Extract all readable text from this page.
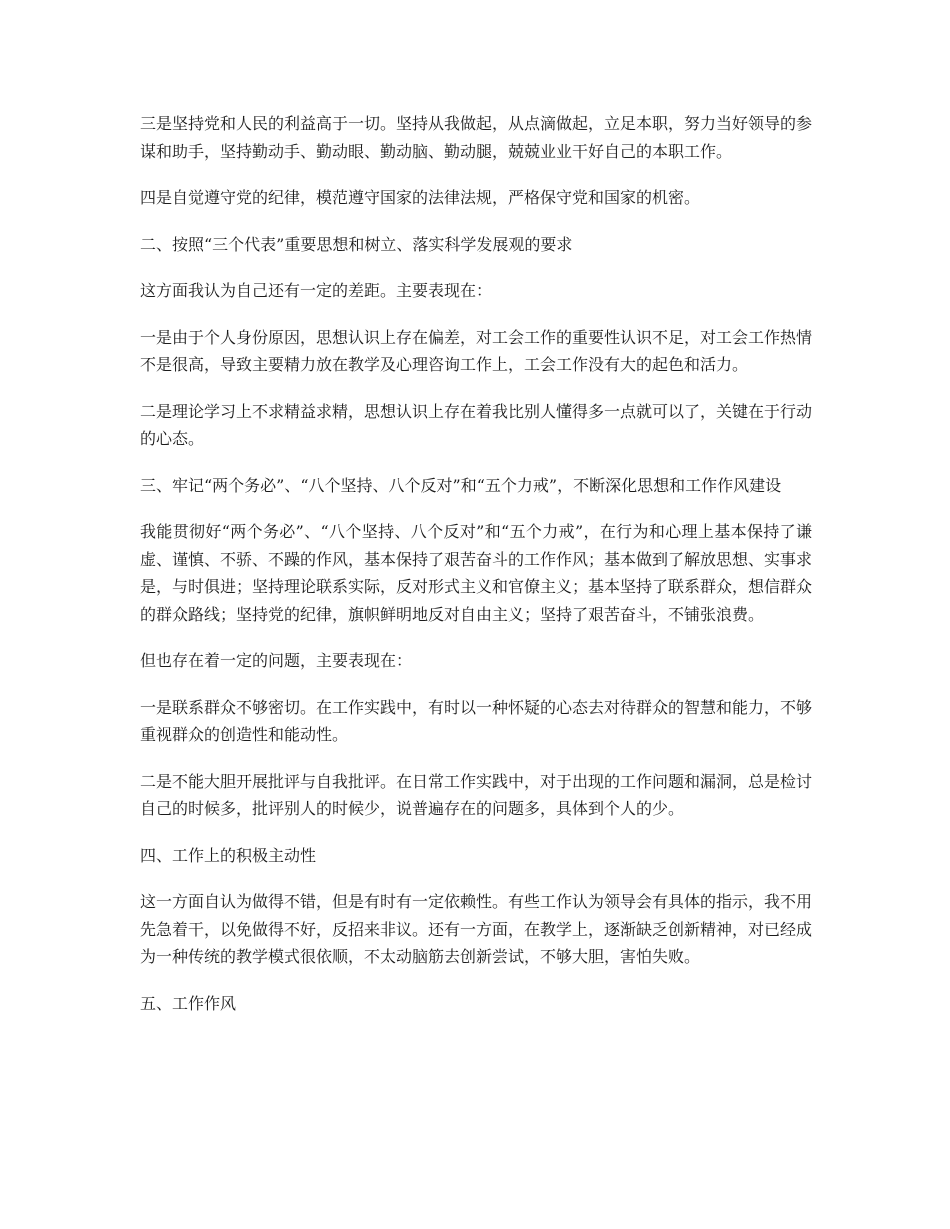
三是坚持党和人民的利益高于一切。坚持从我做起，从点滴做起，立足本职，努力当好领导的参谋和助手，坚持勤动手、勤动眼、勤动脑、勤动腿，兢兢业业干好自己的本职工作。

四是自觉遵守党的纪律，模范遵守国家的法律法规，严格保守党和国家的机密。

二、按照“三个代表”重要思想和树立、落实科学发展观的要求

这方面我认为自己还有一定的差距。主要表现在：

一是由于个人身份原因，思想认识上存在偏差，对工会工作的重要性认识不足，对工会工作热情不是很高，导致主要精力放在教学及心理咨询工作上，工会工作没有大的起色和活力。

二是理论学习上不求精益求精，思想认识上存在着我比别人懂得多一点就可以了，关键在于行动的心态。

三、牢记“两个务必”、“八个坚持、八个反对”和“五个力戒”，不断深化思想和工作作风建设

我能贯彻好“两个务必”、“八个坚持、八个反对”和“五个力戒”，在行为和心理上基本保持了谦虚、谨慎、不骄、不躁的作风，基本保持了艰苦奋斗的工作作风；基本做到了解放思想、实事求是，与时俱进；坚持理论联系实际，反对形式主义和官僚主义；基本坚持了联系群众，想信群众的群众路线；坚持党的纪律，旗帜鲜明地反对自由主义；坚持了艰苦奋斗，不铺张浪费。

但也存在着一定的问题，主要表现在：

一是联系群众不够密切。在工作实践中，有时以一种怀疑的心态去对待群众的智慧和能力，不够重视群众的创造性和能动性。

二是不能大胆开展批评与自我批评。在日常工作实践中，对于出现的工作问题和漏洞，总是检讨自己的时候多，批评别人的时候少，说普遍存在的问题多，具体到个人的少。

四、工作上的积极主动性

这一方面自认为做得不错，但是有时有一定依赖性。有些工作认为领导会有具体的指示，我不用先急着干，以免做得不好，反招来非议。还有一方面，在教学上，逐渐缺乏创新精神，对已经成为一种传统的教学模式很依顺，不太动脑筋去创新尝试，不够大胆，害怕失败。

五、工作作风
